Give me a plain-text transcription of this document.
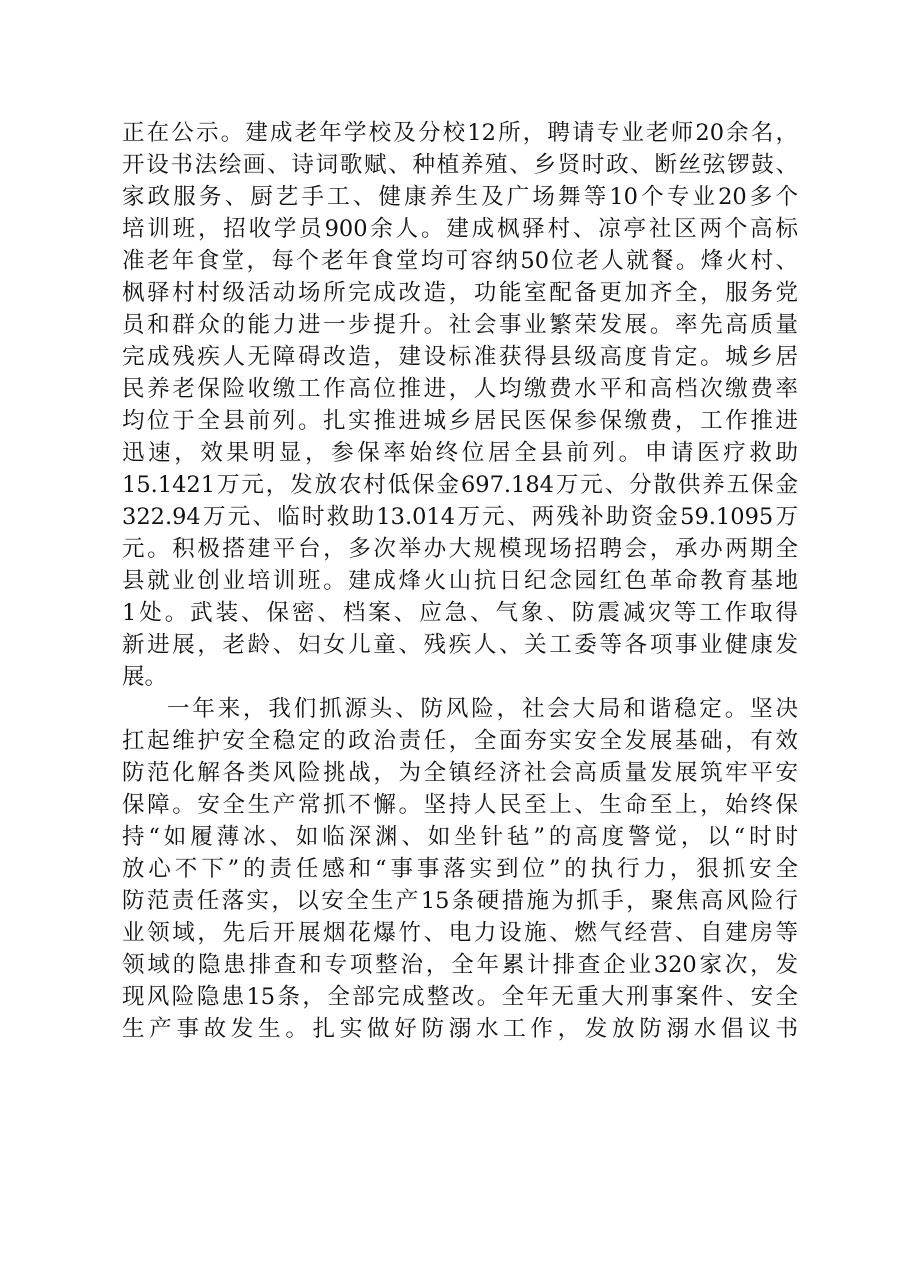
正在公示。建成老年学校及分校12所，聘请专业老师20余名，
开设书法绘画、诗词歌赋、种植养殖、乡贤时政、断丝弦锣鼓、
家政服务、厨艺手工、健康养生及广场舞等10个专业20多个
培训班，招收学员900余人。建成枫驿村、凉亭社区两个高标
准老年食堂，每个老年食堂均可容纳50位老人就餐。烽火村、
枫驿村村级活动场所完成改造，功能室配备更加齐全，服务党
员和群众的能力进一步提升。社会事业繁荣发展。率先高质量
完成残疾人无障碍改造，建设标准获得县级高度肯定。城乡居
民养老保险收缴工作高位推进，人均缴费水平和高档次缴费率
均位于全县前列。扎实推进城乡居民医保参保缴费，工作推进
迅速，效果明显，参保率始终位居全县前列。申请医疗救助
15.1421万元，发放农村低保金697.184万元、分散供养五保金
322.94万元、临时救助13.014万元、两残补助资金59.1095万
元。积极搭建平台，多次举办大规模现场招聘会，承办两期全
县就业创业培训班。建成烽火山抗日纪念园红色革命教育基地
1处。武装、保密、档案、应急、气象、防震减灾等工作取得
新进展，老龄、妇女儿童、残疾人、关工委等各项事业健康发
展。
一年来，我们抓源头、防风险，社会大局和谐稳定。坚决
扛起维护安全稳定的政治责任，全面夯实安全发展基础，有效
防范化解各类风险挑战，为全镇经济社会高质量发展筑牢平安
保障。安全生产常抓不懈。坚持人民至上、生命至上，始终保
持“如履薄冰、如临深渊、如坐针毡”的高度警觉，以“时时
放心不下”的责任感和“事事落实到位”的执行力，狠抓安全
防范责任落实，以安全生产15条硬措施为抓手，聚焦高风险行
业领域，先后开展烟花爆竹、电力设施、燃气经营、自建房等
领域的隐患排查和专项整治，全年累计排查企业320家次，发
现风险隐患15条，全部完成整改。全年无重大刑事案件、安全
生产事故发生。扎实做好防溺水工作，发放防溺水倡议书
